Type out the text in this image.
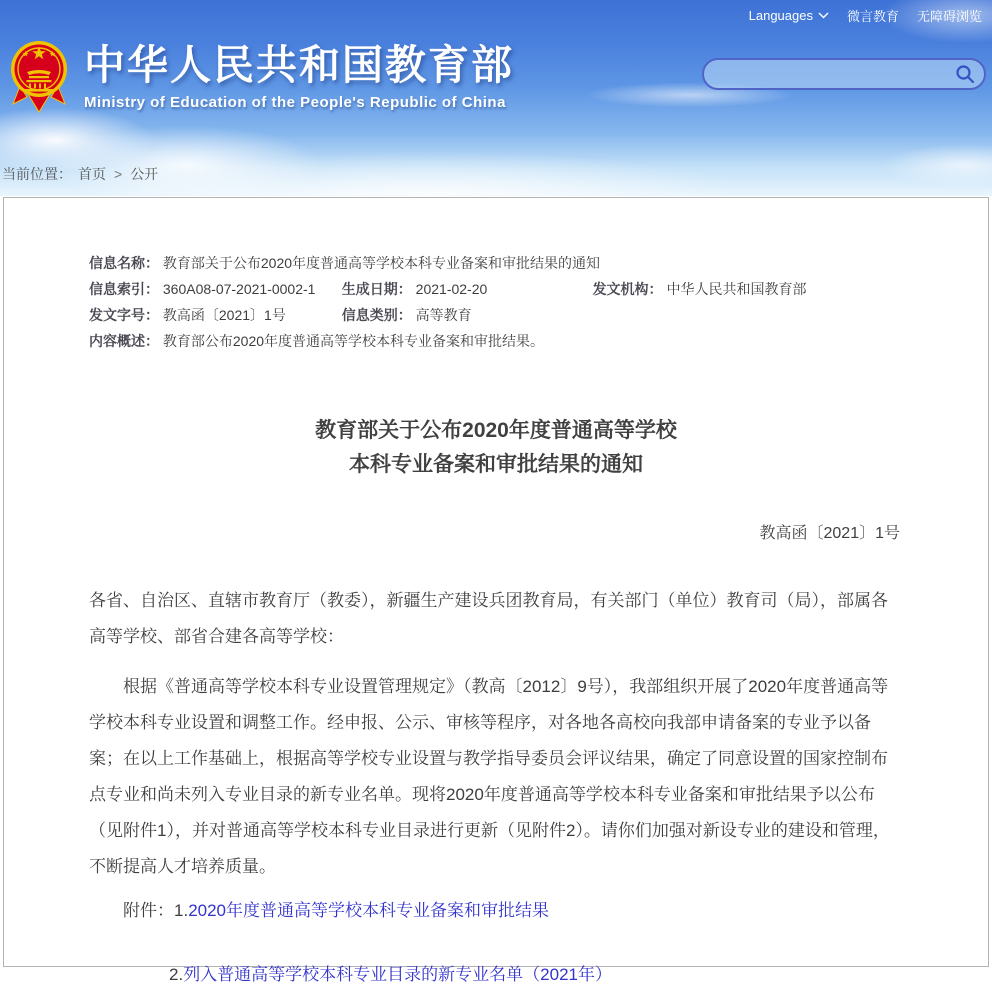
Languages	微言教育 无障碍浏览
中华人民共和国教育部
Ministry of Education of the People's Republic of China
当前位置： 首页 > 公开
信息名称： 教育部关于公布2020年度普通高等学校本科专业备案和审批结果的通知
信息索引： 360A08-07-2021-0002-1 生成日期： 2021-02-20	发文机构： 中华人民共和国教育部
发文字号： 教高函〔2021〕1号	信息类别： 高等教育
内容概述： 教育部公布2020年度普通高等学校本科专业备案和审批结果。
教育部关于公布2020年度普通高等学校
本科专业备案和审批结果的通知
教高函〔2021〕1号
各省、自治区、直辖市教育厅（教委），新疆生产建设兵团教育局，有关部门（单位）教育司（局），部属各高等学校、部省合建各高等学校：
根据《普通高等学校本科专业设置管理规定》（教高〔2012〕9号），我部组织开展了2020年度普通高等学校本科专业设置和调整工作。经申报、公示、审核等程序，对各地各高校向我部申请备案的专业予以备案；在以上工作基础上，根据高等学校专业设置与教学指导委员会评议结果，确定了同意设置的国家控制布点专业和尚未列入专业目录的新专业名单。现将2020年度普通高等学校本科专业备案和审批结果予以公布（见附件1），并对普通高等学校本科专业目录进行更新（见附件2）。请你们加强对新设专业的建设和管理，不断提高人才培养质量。
附件：1.2020年度普通高等学校本科专业备案和审批结果
2.列入普通高等学校本科专业目录的新专业名单（2021年）
